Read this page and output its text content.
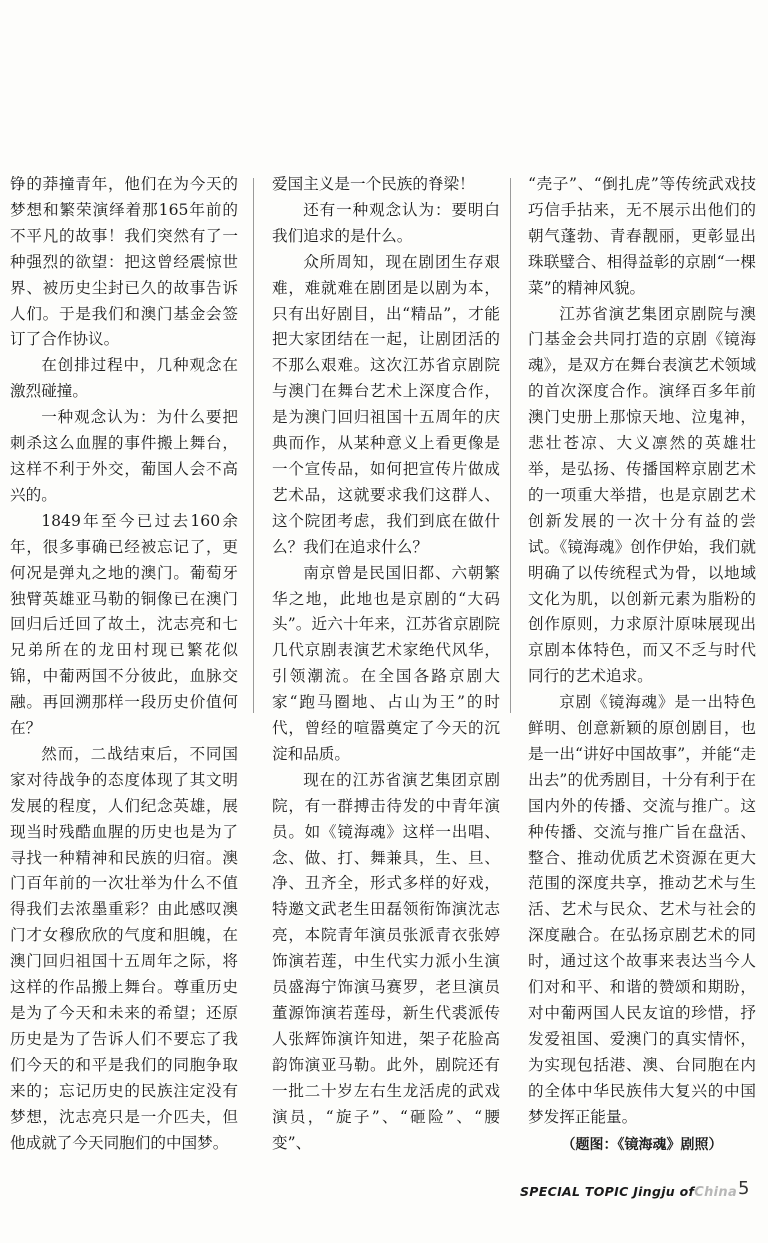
铮的莽撞青年，他们在为今天的梦想和繁荣演绎着那165年前的不平凡的故事！我们突然有了一种强烈的欲望：把这曾经震惊世界、被历史尘封已久的故事告诉人们。于是我们和澳门基金会签订了合作协议。

在创排过程中，几种观念在激烈碰撞。

一种观念认为：为什么要把刺杀这么血腥的事件搬上舞台，这样不利于外交，葡国人会不高兴的。

1849年至今已过去160余年，很多事确已经被忘记了，更何况是弹丸之地的澳门。葡萄牙独臂英雄亚马勒的铜像已在澳门回归后迁回了故土，沈志亮和七兄弟所在的龙田村现已繁花似锦，中葡两国不分彼此，血脉交融。再回溯那样一段历史价值何在？

然而，二战结束后，不同国家对待战争的态度体现了其文明发展的程度，人们纪念英雄，展现当时残酷血腥的历史也是为了寻找一种精神和民族的归宿。澳门百年前的一次壮举为什么不值得我们去浓墨重彩？由此感叹澳门才女穆欣欣的气度和胆魄，在澳门回归祖国十五周年之际，将这样的作品搬上舞台。尊重历史是为了今天和未来的希望；还原历史是为了告诉人们不要忘了我们今天的和平是我们的同胞争取来的；忘记历史的民族注定没有梦想，沈志亮只是一介匹夫，但他成就了今天同胞们的中国梦。

爱国主义是一个民族的脊梁！

还有一种观念认为：要明白我们追求的是什么。

众所周知，现在剧团生存艰难，难就难在剧团是以剧为本，只有出好剧目，出“精品”，才能把大家团结在一起，让剧团活的不那么艰难。这次江苏省京剧院与澳门在舞台艺术上深度合作，是为澳门回归祖国十五周年的庆典而作，从某种意义上看更像是一个宣传品，如何把宣传片做成艺术品，这就要求我们这群人、这个院团考虑，我们到底在做什么？我们在追求什么？

南京曾是民国旧都、六朝繁华之地，此地也是京剧的“大码头”。近六十年来，江苏省京剧院几代京剧表演艺术家绝代风华，引领潮流。在全国各路京剧大家“跑马圈地、占山为王”的时代，曾经的喧嚣奠定了今天的沉淀和品质。

现在的江苏省演艺集团京剧院，有一群搏击待发的中青年演员。如《镜海魂》这样一出唱、念、做、打、舞兼具，生、旦、净、丑齐全，形式多样的好戏，特邀文武老生田磊领衔饰演沈志亮，本院青年演员张派青衣张婷饰演若莲，中生代实力派小生演员盛海宁饰演马赛罗，老旦演员董源饰演若莲母，新生代裘派传人张辉饰演许知进，架子花脸高韵饰演亚马勒。此外，剧院还有一批二十岁左右生龙活虎的武戏演员，“旋子”、“砸险”、“腰变”、

“壳子”、“倒扎虎”等传统武戏技巧信手拈来，无不展示出他们的朝气蓬勃、青春靓丽，更彰显出珠联璧合、相得益彰的京剧“一棵菜”的精神风貌。

江苏省演艺集团京剧院与澳门基金会共同打造的京剧《镜海魂》，是双方在舞台表演艺术领域的首次深度合作。演绎百多年前澳门史册上那惊天地、泣鬼神，悲壮苍凉、大义凛然的英雄壮举，是弘扬、传播国粹京剧艺术的一项重大举措，也是京剧艺术创新发展的一次十分有益的尝试。《镜海魂》创作伊始，我们就明确了以传统程式为骨，以地域文化为肌，以创新元素为脂粉的创作原则，力求原汁原味展现出京剧本体特色，而又不乏与时代同行的艺术追求。

京剧《镜海魂》是一出特色鲜明、创意新颖的原创剧目，也是一出“讲好中国故事”，并能“走出去”的优秀剧目，十分有利于在国内外的传播、交流与推广。这种传播、交流与推广旨在盘活、整合、推动优质艺术资源在更大范围的深度共享，推动艺术与生活、艺术与民众、艺术与社会的深度融合。在弘扬京剧艺术的同时，通过这个故事来表达当今人们对和平、和谐的赞颂和期盼，对中葡两国人民友谊的珍惜，抒发爱祖国、爱澳门的真实情怀，为实现包括港、澳、台同胞在内的全体中华民族伟大复兴的中国梦发挥正能量。

（题图：《镜海魂》剧照）

SPECIAL TOPIC Jingju ofChina 5
